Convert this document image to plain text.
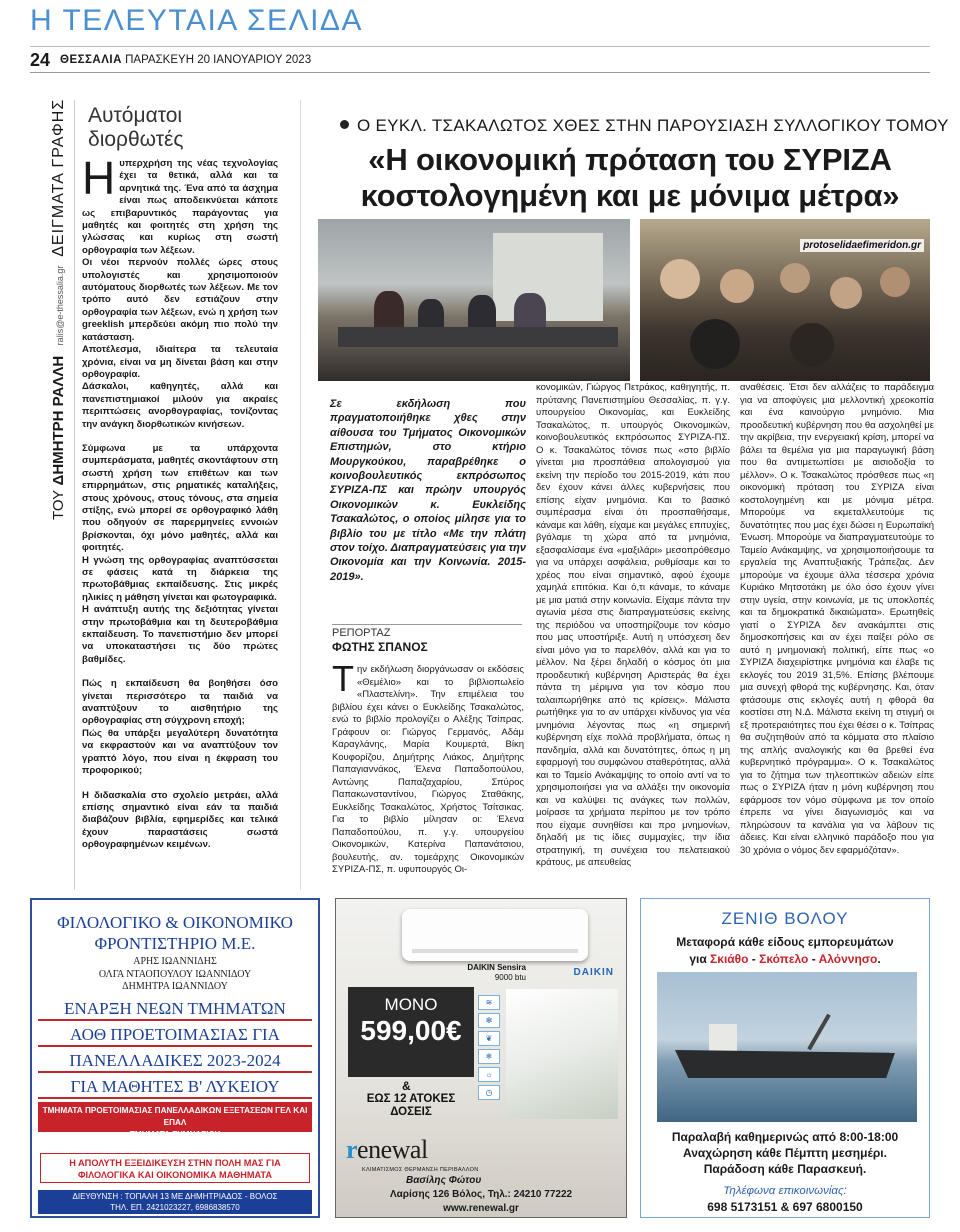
Η ΤΕΛΕΥΤΑΙΑ ΣΕΛΙΔΑ
24 ΘΕΣΣΑΛΙΑ ΠΑΡΑΣΚΕΥΗ 20 ΙΑΝΟΥΑΡΙΟΥ 2023
ΤΟΥ ΔΗΜΗΤΡΗ ΡΑΛΛΗ ralis@e-thessalia.gr  ΔΕΙΓΜΑΤΑ ΓΡΑΦΗΣ Αυτόματοι
διορθωτές

Ηυπερχρήση της νέας τεχνολογίας έχει τα θετικά, αλλά και τα αρνητικά της. Ένα από τα άσχημα είναι πως αποδεικνύεται κάποτε ως επιβαρυντικός παράγοντας για μαθητές και φοιτητές στη χρήση της γλώσσας και κυρίως στη σωστή ορθογραφία των λέξεων.

Οι νέοι περνούν πολλές ώρες στους υπολογιστές και χρησιμοποιούν αυτόματους διορθωτές των λέξεων. Με τον τρόπο αυτό δεν εστιάζουν στην ορθογραφία των λέξεων, ενώ η χρήση των greeklish μπερδεύει ακόμη πιο πολύ την κατάσταση.

Αποτέλεσμα, ιδιαίτερα τα τελευταία χρόνια, είναι να μη δίνεται βάση και στην ορθογραφία.

Δάσκαλοι, καθηγητές, αλλά και πανεπιστημιακοί μιλούν για ακραίες περιπτώσεις ανορθογραφίας, τονίζοντας την ανάγκη διορθωτικών κινήσεων.

Σύμφωνα με τα υπάρχοντα συμπεράσματα, μαθητές σκοντάφτουν στη σωστή χρήση των επιθέτων και των επιρρημάτων, στις ρηματικές καταλήξεις, στους χρόνους, στους τόνους, στα σημεία στίξης, ενώ μπορεί σε ορθογραφικό λάθη που οδηγούν σε παρερμηνείες εννοιών βρίσκονται, όχι μόνο μαθητές, αλλά και φοιτητές.

Η γνώση της ορθογραφίας αναπτύσσεται σε φάσεις κατά τη διάρκεια της πρωτοβάθμιας εκπαίδευσης. Στις μικρές ηλικίες η μάθηση γίνεται και φωτογραφικά.

Η ανάπτυξη αυτής της δεξιότητας γίνεται στην πρωτοβάθμια και τη δευτεροβάθμια εκπαίδευση. Το πανεπιστήμιο δεν μπορεί να υποκαταστήσει τις δύο πρώτες βαθμίδες.

Πώς η εκπαίδευση θα βοηθήσει όσο γίνεται περισσότερο τα παιδιά να αναπτύξουν το αισθητήριο της ορθογραφίας στη σύγχρονη εποχή;

Πώς θα υπάρξει μεγαλύτερη δυνατότητα να εκφραστούν και να αναπτύξουν τον γραπτό λόγο, που είναι η έκφραση του προφορικού;

Η διδασκαλία στο σχολείο μετράει, αλλά επίσης σημαντικό είναι εάν τα παιδιά διαβάζουν βιβλία, εφημερίδες και τελικά έχουν παραστάσεις σωστά ορθογραφημένων κειμένων.

Ο ΕΥΚΛ. ΤΣΑΚΑΛΩΤΟΣ ΧΘΕΣ ΣΤΗΝ ΠΑΡΟΥΣΙΑΣΗ ΣΥΛΛΟΓΙΚΟΥ ΤΟΜΟΥ
«Η οικονομική πρόταση του ΣΥΡΙΖΑ κοστολογημένη και με μόνιμα μέτρα»
protoselidaefimeridon.gr
Σε εκδήλωση που πραγματοποιήθηκε χθες στην αίθουσα του Τμήματος Οικονομικών Επιστημών, στο κτήριο Μουργκούκου, παραβρέθηκε ο κοινοβουλευτικός εκπρόσωπος ΣΥΡΙΖΑ-ΠΣ και πρώην υπουργός Οικονομικών κ. Ευκλείδης Τσακαλώτος, ο οποίος μίλησε για το βιβλίο του με τίτλο «Με την πλάτη στον τοίχο. Διαπραγματεύσεις για την Οικονομία και την Κοινωνία. 2015-2019».
ΡΕΠΟΡΤΑΖ
ΦΩΤΗΣ ΣΠΑΝΟΣ
Την εκδήλωση διοργάνωσαν οι εκδόσεις «Θεμέλιο» και το βιβλιοπωλείο «Πλαστελίνη». Την επιμέλεια του βιβλίου έχει κάνει ο Ευκλείδης Τσακαλώτος, ενώ το βιβλίο προλογίζει ο Αλέξης Τσίπρας. Γράφουν οι: Γιώργος Γερμανός, Αδάμ Καραγλάνης, Μαρία Κουμερτά, Βίκη Κουφορίζου, Δημήτρης Λιάκος, Δημήτρης Παπαγιαννάκος, Έλενα Παπαδοπούλου, Αντώνης Παπαζαχαρίου, Σπύρος Παπακωνσταντίνου, Γιώργος Σταθάκης, Ευκλείδης Τσακαλώτος, Χρήστος Τσίτσικας. Για το βιβλίο μίλησαν οι: Έλενα Παπαδοπούλου, π. γ.γ. υπουργείου Οικονομικών, Κατερίνα Παπανάτσιου, βουλευτής, αν. τομεάρχης Οικονομικών ΣΥΡΙΖΑ-ΠΣ, π. υφυπουργός Οι-
κονομικών, Γιώργος Πετράκος, καθηγητής, π. πρύτανης Πανεπιστημίου Θεσσαλίας, π. γ.γ. υπουργείου Οικονομίας, και Ευκλείδης Τσακαλώτος, π. υπουργός Οικονομικών, κοινοβουλευτικός εκπρόσωπος ΣΥΡΙΖΑ-ΠΣ. Ο κ. Τσακαλώτος τόνισε πως «στο βιβλίο γίνεται μια προσπάθεια απολογισμού για εκείνη την περίοδο του 2015-2019, κάτι που δεν έχουν κάνει άλλες κυβερνήσεις που επίσης είχαν μνημόνια. Και το βασικό συμπέρασμα είναι ότι προσπαθήσαμε, κάναμε και λάθη, είχαμε και μεγάλες επιτυχίες, βγάλαμε τη χώρα από τα μνημόνια, εξασφαλίσαμε ένα «μαξιλάρι» μεσοπρόθεσμο για να υπάρχει ασφάλεια, ρυθμίσαμε και το χρέος που είναι σημαντικό, αφού έχουμε χαμηλά επιτόκια. Και ό,τι κάναμε, το κάναμε με μια ματιά στην κοινωνία. Είχαμε πάντα την αγωνία μέσα στις διαπραγματεύσεις εκείνης της περιόδου να υποστηρίζουμε τον κόσμο που μας υποστήριξε. Αυτή η υπόσχεση δεν είναι μόνο για το παρελθόν, αλλά και για το μέλλον. Να ξέρει δηλαδή ο κόσμος ότι μια προοδευτική κυβέρνηση Αριστεράς θα έχει πάντα τη μέριμνα για τον κόσμο που ταλαιπωρήθηκε από τις κρίσεις». Μάλιστα ρωτήθηκε για το αν υπάρχει κίνδυνος για νέα μνημόνια λέγοντας πως «η σημερινή κυβέρνηση είχε πολλά προβλήματα, όπως η πανδημία, αλλά και δυνατότητες, όπως η μη εφαρμογή του συμφώνου σταθερότητας, αλλά και το Ταμείο Ανάκαμψης το οποίο αντί να το χρησιμοποιήσει για να αλλάξει την οικονομία και να καλύψει τις ανάγκες των πολλών, μοίρασε τα χρήματα περίπου με τον τρόπο που είχαμε συνηθίσει και προ μνημονίων, δηλαδή με τις ίδιες συμμαχίες, την ίδια στρατηγική, τη συνέχεια του πελατειακού κράτους, με απευθείας
αναθέσεις. Έτσι δεν αλλάζεις το παράδειγμα για να αποφύγεις μια μελλοντική χρεοκοπία και ένα καινούργιο μνημόνιο. Μια προοδευτική κυβέρνηση που θα ασχοληθεί με την ακρίβεια, την ενεργειακή κρίση, μπορεί να βάλει τα θεμέλια για μια παραγωγική βάση που θα αντιμετωπίσει με αισιοδοξία το μέλλον». Ο κ. Τσακαλώτος πρόσθεσε πως «η οικονομική πρόταση του ΣΥΡΙΖΑ είναι κοστολογημένη και με μόνιμα μέτρα. Μπορούμε να εκμεταλλευτούμε τις δυνατότητες που μας έχει δώσει η Ευρωπαϊκή Ένωση. Μπορούμε να διαπραγματευτούμε το Ταμείο Ανάκαμψης, να χρησιμοποιήσουμε τα εργαλεία της Αναπτυξιακής Τράπεζας. Δεν μπορούμε να έχουμε άλλα τέσσερα χρόνια Κυριάκο Μητσοτάκη με όλο όσο έχουν γίνει στην υγεία, στην κοινωνία, με τις υποκλοπές και τα δημοκρατικά δικαιώματα». Ερωτηθείς γιατί ο ΣΥΡΙΖΑ δεν ανακάμπτει στις δημοσκοπήσεις και αν έχει παίξει ρόλο σε αυτό η μνημονιακή πολιτική, είπε πως «ο ΣΥΡΙΖΑ διαχειρίστηκε μνημόνια και έλαβε τις εκλογές του 2019 31,5%. Επίσης βλέπουμε μια συνεχή φθορά της κυβέρνησης. Και, όταν φτάσουμε στις εκλογές αυτή η φθορά θα κοστίσει στη Ν.Δ. Μάλιστα εκείνη τη στιγμή οι εξ προτεραιότητες που έχει θέσει ο κ. Τσίπρας θα συζητηθούν από τα κόμματα στο πλαίσιο της απλής αναλογικής και θα βρεθεί ένα κυβερνητικό πρόγραμμα». Ο κ. Τσακαλώτος για το ζήτημα των τηλεοπτικών αδειών είπε πως ο ΣΥΡΙΖΑ ήταν η μόνη κυβέρνηση που εφάρμοσε τον νόμο σύμφωνα με τον οποίο έπρεπε να γίνει διαγωνισμός και να πληρώσουν τα κανάλια για να λάβουν τις άδειες. Και είναι ελληνικό παράδοξο που για 30 χρόνια ο νόμος δεν εφαρμόζόταν».
ΦΙΛΟΛΟΓΙΚΟ & ΟΙΚΟΝΟΜΙΚΟ
ΦΡΟΝΤΙΣΤΗΡΙΟ Μ.Ε.
ΑΡΗΣ ΙΩΑΝΝΙΔΗΣ
ΟΛΓΑ ΝΤΑΟΠΟΥΛΟΥ ΙΩΑΝΝΙΔΟΥ
ΔΗΜΗΤΡΑ ΙΩΑΝΝΙΔΟΥ
ΕΝΑΡΞΗ ΝΕΩΝ ΤΜΗΜΑΤΩΝ
ΑΟΘ ΠΡΟΕΤΟΙΜΑΣΙΑΣ ΓΙΑ
ΠΑΝΕΛΛΑΔΙΚΕΣ 2023-2024
ΓΙΑ ΜΑΘΗΤΕΣ Β' ΛΥΚΕΙΟΥ
ΤΜΗΜΑΤΑ ΠΡΟΕΤΟΙΜΑΣΙΑΣ ΠΑΝΕΛΛΑΔΙΚΩΝ ΕΞΕΤΑΣΕΩΝ ΓΕΛ ΚΑΙ ΕΠΑΛ
ΤΜΗΜΑΤΑ ΓΥΜΝΑΣΙΟΥ
Η ΑΠΟΛΥΤΗ ΕΞΕΙΔΙΚΕΥΣΗ ΣΤΗΝ ΠΟΛΗ ΜΑΣ ΓΙΑ
ΦΙΛΟΛΟΓΙΚΑ ΚΑΙ ΟΙΚΟΝΟΜΙΚΑ ΜΑΘΗΜΑΤΑ
ΔΙΕΥΘΥΝΣΗ : ΤΟΠΑΛΗ 13 ΜΕ ΔΗΜΗΤΡΙΑΔΟΣ - ΒΟΛΟΣ
ΤΗΛ. ΕΠ. 2421023227, 6986838570
DAIKIN Sensira
9000 btu	DAIKIN
ΜΟΝΟ
599,00€
&
ΕΩΣ 12 ΑΤΟΚΕΣ
ΔΟΣΕΙΣ
≋
✻
❦
❄
☼
◷
renewal
ΚΛΙΜΑΤΙΣΜΟΣ ΘΕΡΜΑΝΣΗ ΠΕΡΙΒΑΛΛΟΝ
Βασίλης Φώτου
Λαρίσης 126 Βόλος, Τηλ.: 24210 77222
www.renewal.gr
ΖΕΝΙΘ ΒΟΛΟΥ
Μεταφορά κάθε είδους εμπορευμάτων
για Σκιάθο - Σκόπελο - Αλόννησο.
Παραλαβή καθημερινώς από 8:00-18:00
Αναχώρηση κάθε Πέμπτη μεσημέρι.
Παράδοση κάθε Παρασκευή.
Τηλέφωνα επικοινωνίας:
698 5173151 & 697 6800150
